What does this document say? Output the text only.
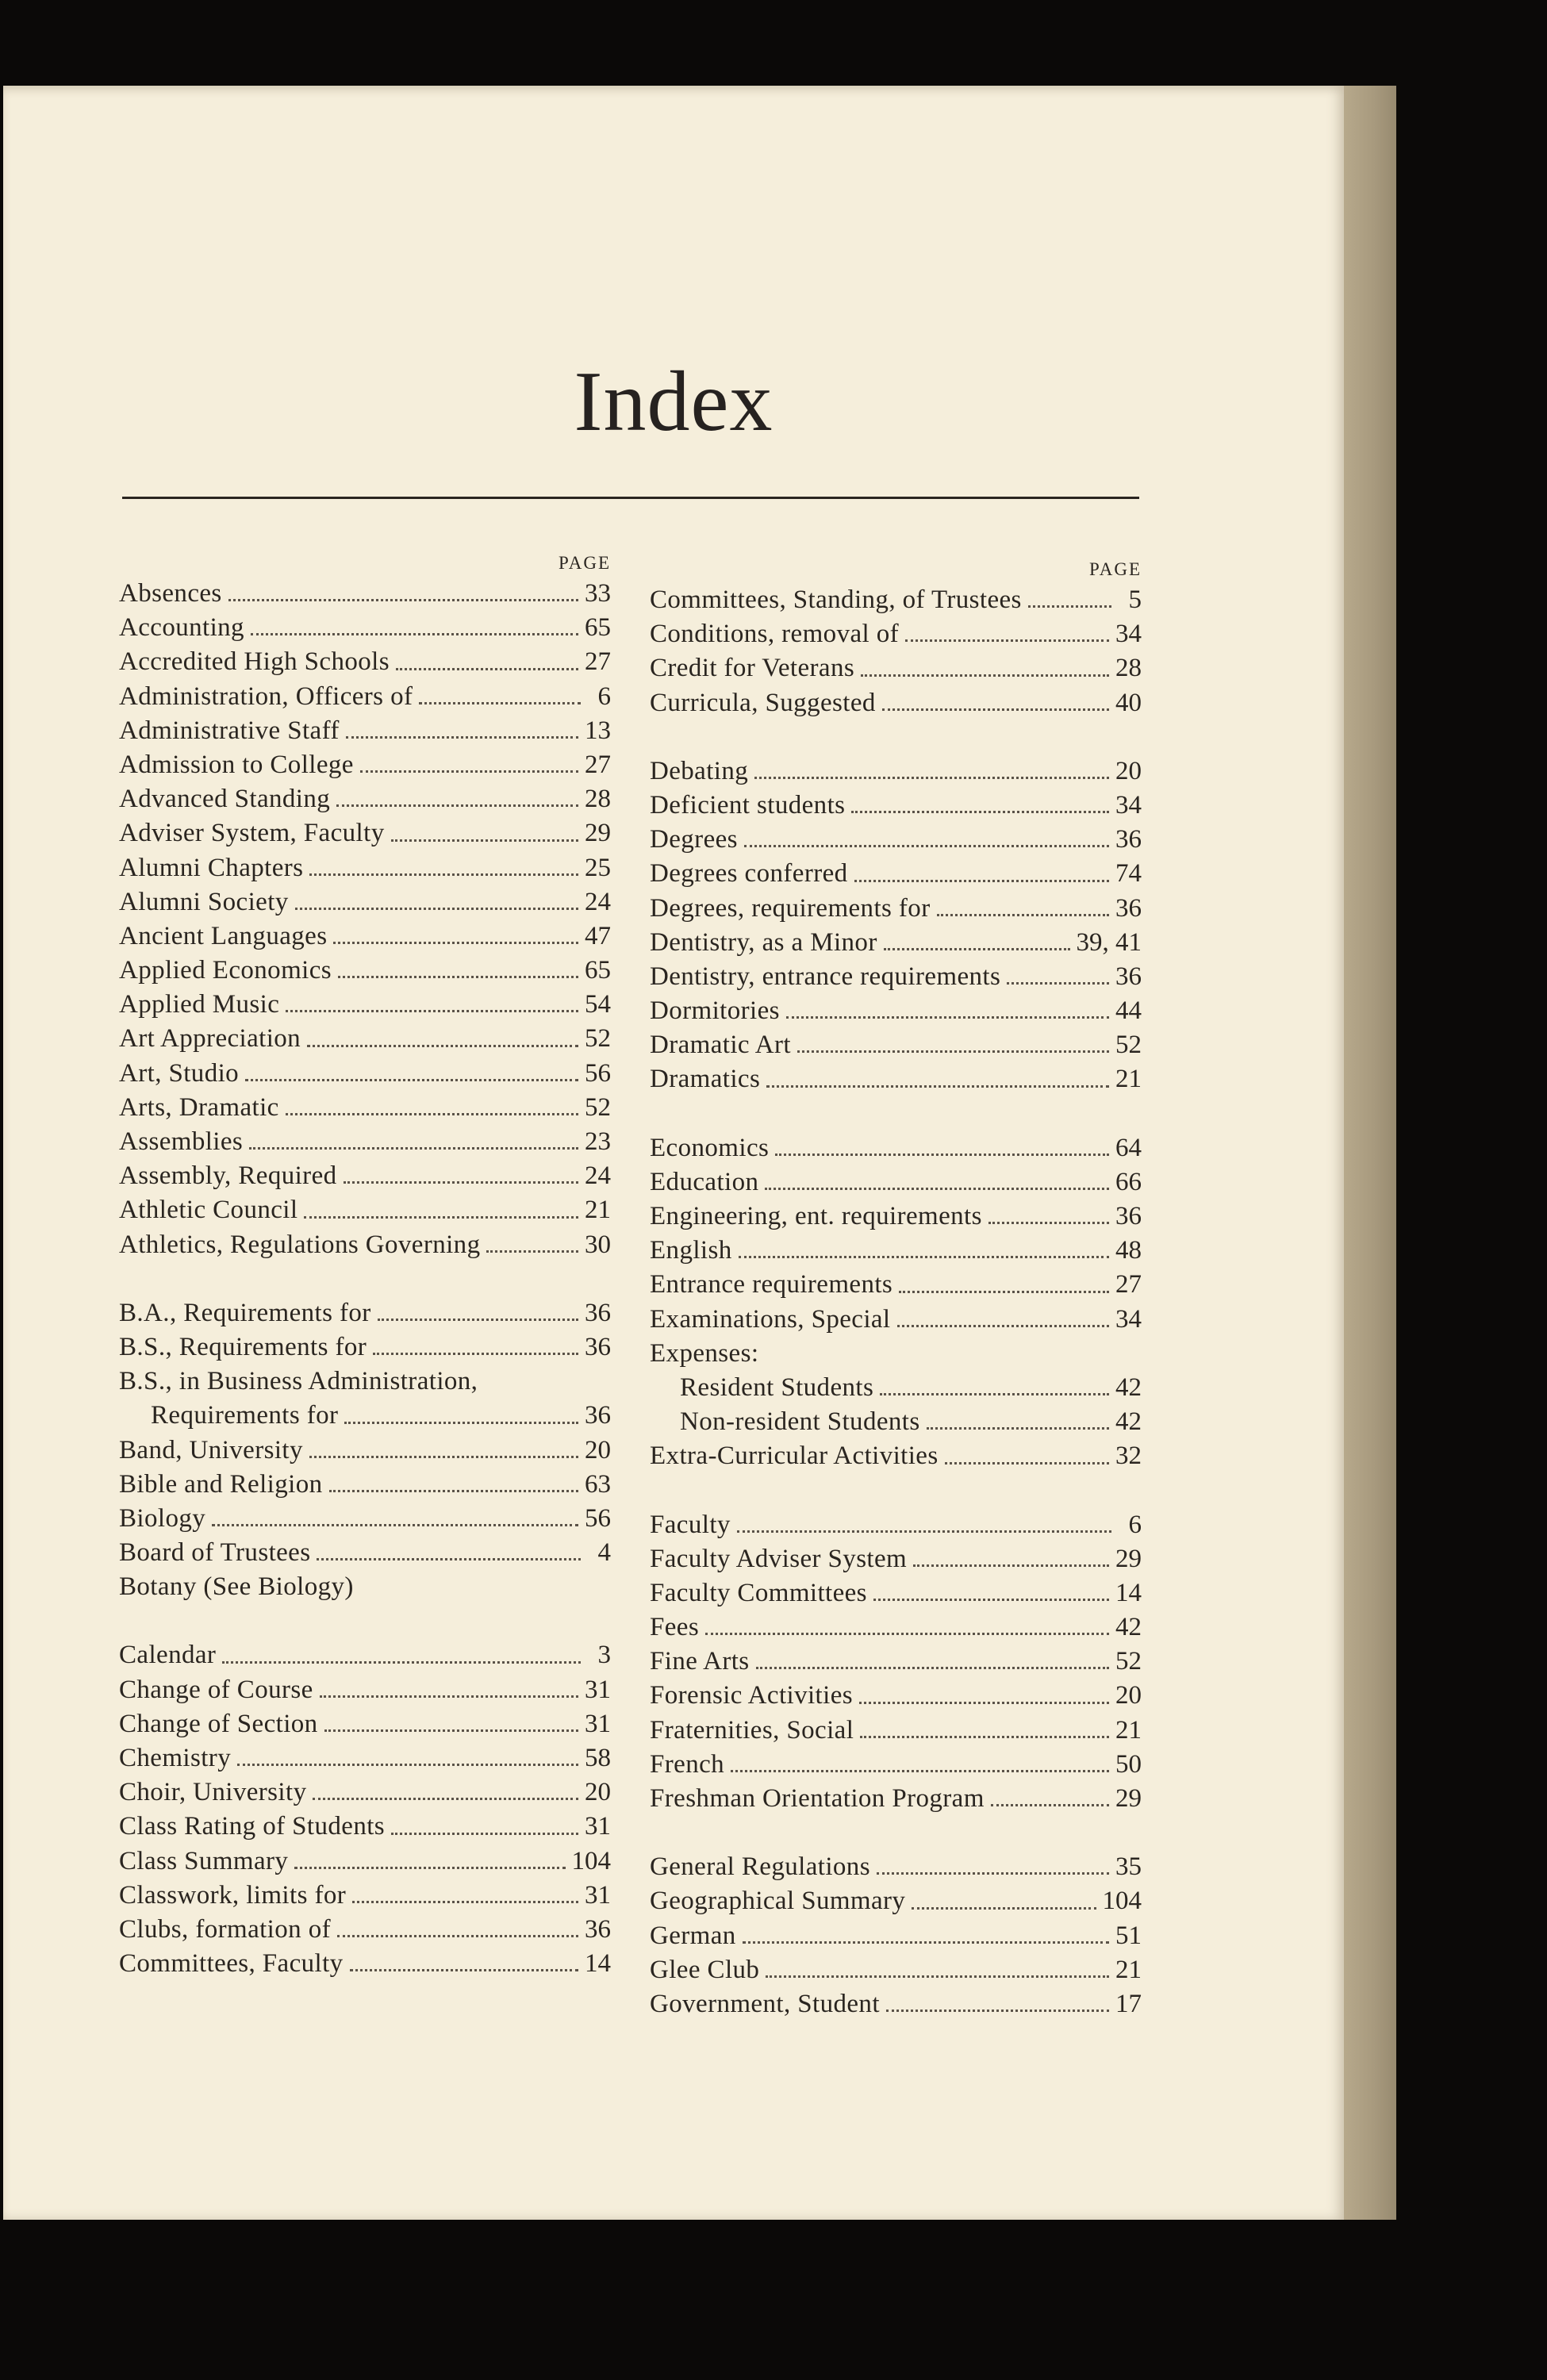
Index
PAGE
Absences	33
Accounting	65
Accredited High Schools	27
Administration, Officers of	6
Administrative Staff	13
Admission to College	27
Advanced Standing	28
Adviser System, Faculty	29
Alumni Chapters	25
Alumni Society	24
Ancient Languages	47
Applied Economics	65
Applied Music	54
Art Appreciation	52
Art, Studio	56
Arts, Dramatic	52
Assemblies	23
Assembly, Required	24
Athletic Council	21
Athletics, Regulations Governing	30
B.A., Requirements for	36
B.S., Requirements for	36
B.S., in Business Administration,
Requirements for	36
Band, University	20
Bible and Religion	63
Biology	56
Board of Trustees	4
Botany (See Biology)
Calendar	3
Change of Course	31
Change of Section	31
Chemistry	58
Choir, University	20
Class Rating of Students	31
Class Summary	104
Classwork, limits for	31
Clubs, formation of	36
Committees, Faculty	14
PAGE
Committees, Standing, of Trustees	5
Conditions, removal of	34
Credit for Veterans	28
Curricula, Suggested	40
Debating	20
Deficient students	34
Degrees	36
Degrees conferred	74
Degrees, requirements for	36
Dentistry, as a Minor	39, 41
Dentistry, entrance requirements	36
Dormitories	44
Dramatic Art	52
Dramatics	21
Economics	64
Education	66
Engineering, ent. requirements	36
English	48
Entrance requirements	27
Examinations, Special	34
Expenses:
Resident Students	42
Non-resident Students	42
Extra-Curricular Activities	32
Faculty	6
Faculty Adviser System	29
Faculty Committees	14
Fees	42
Fine Arts	52
Forensic Activities	20
Fraternities, Social	21
French	50
Freshman Orientation Program	29
General Regulations	35
Geographical Summary	104
German	51
Glee Club	21
Government, Student	17
